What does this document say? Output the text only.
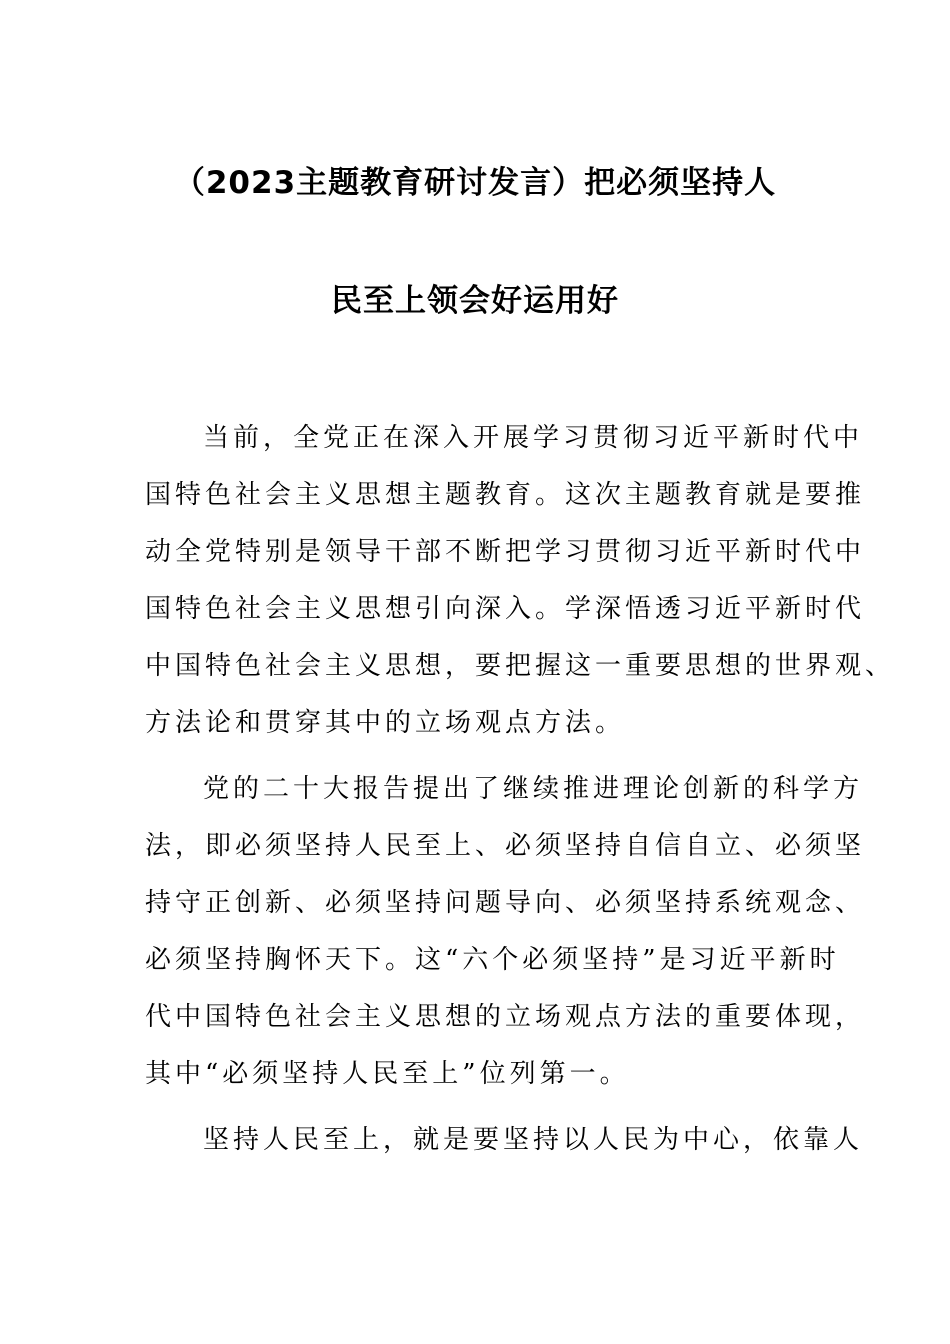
（2023主题教育研讨发言）把必须坚持人
民至上领会好运用好
当前，全党正在深入开展学习贯彻习近平新时代中
国特色社会主义思想主题教育。这次主题教育就是要推
动全党特别是领导干部不断把学习贯彻习近平新时代中
国特色社会主义思想引向深入。学深悟透习近平新时代
中国特色社会主义思想，要把握这一重要思想的世界观、
方法论和贯穿其中的立场观点方法。
党的二十大报告提出了继续推进理论创新的科学方
法，即必须坚持人民至上、必须坚持自信自立、必须坚
持守正创新、必须坚持问题导向、必须坚持系统观念、
必须坚持胸怀天下。这“六个必须坚持”是习近平新时
代中国特色社会主义思想的立场观点方法的重要体现，
其中“必须坚持人民至上”位列第一。
坚持人民至上，就是要坚持以人民为中心，依靠人
